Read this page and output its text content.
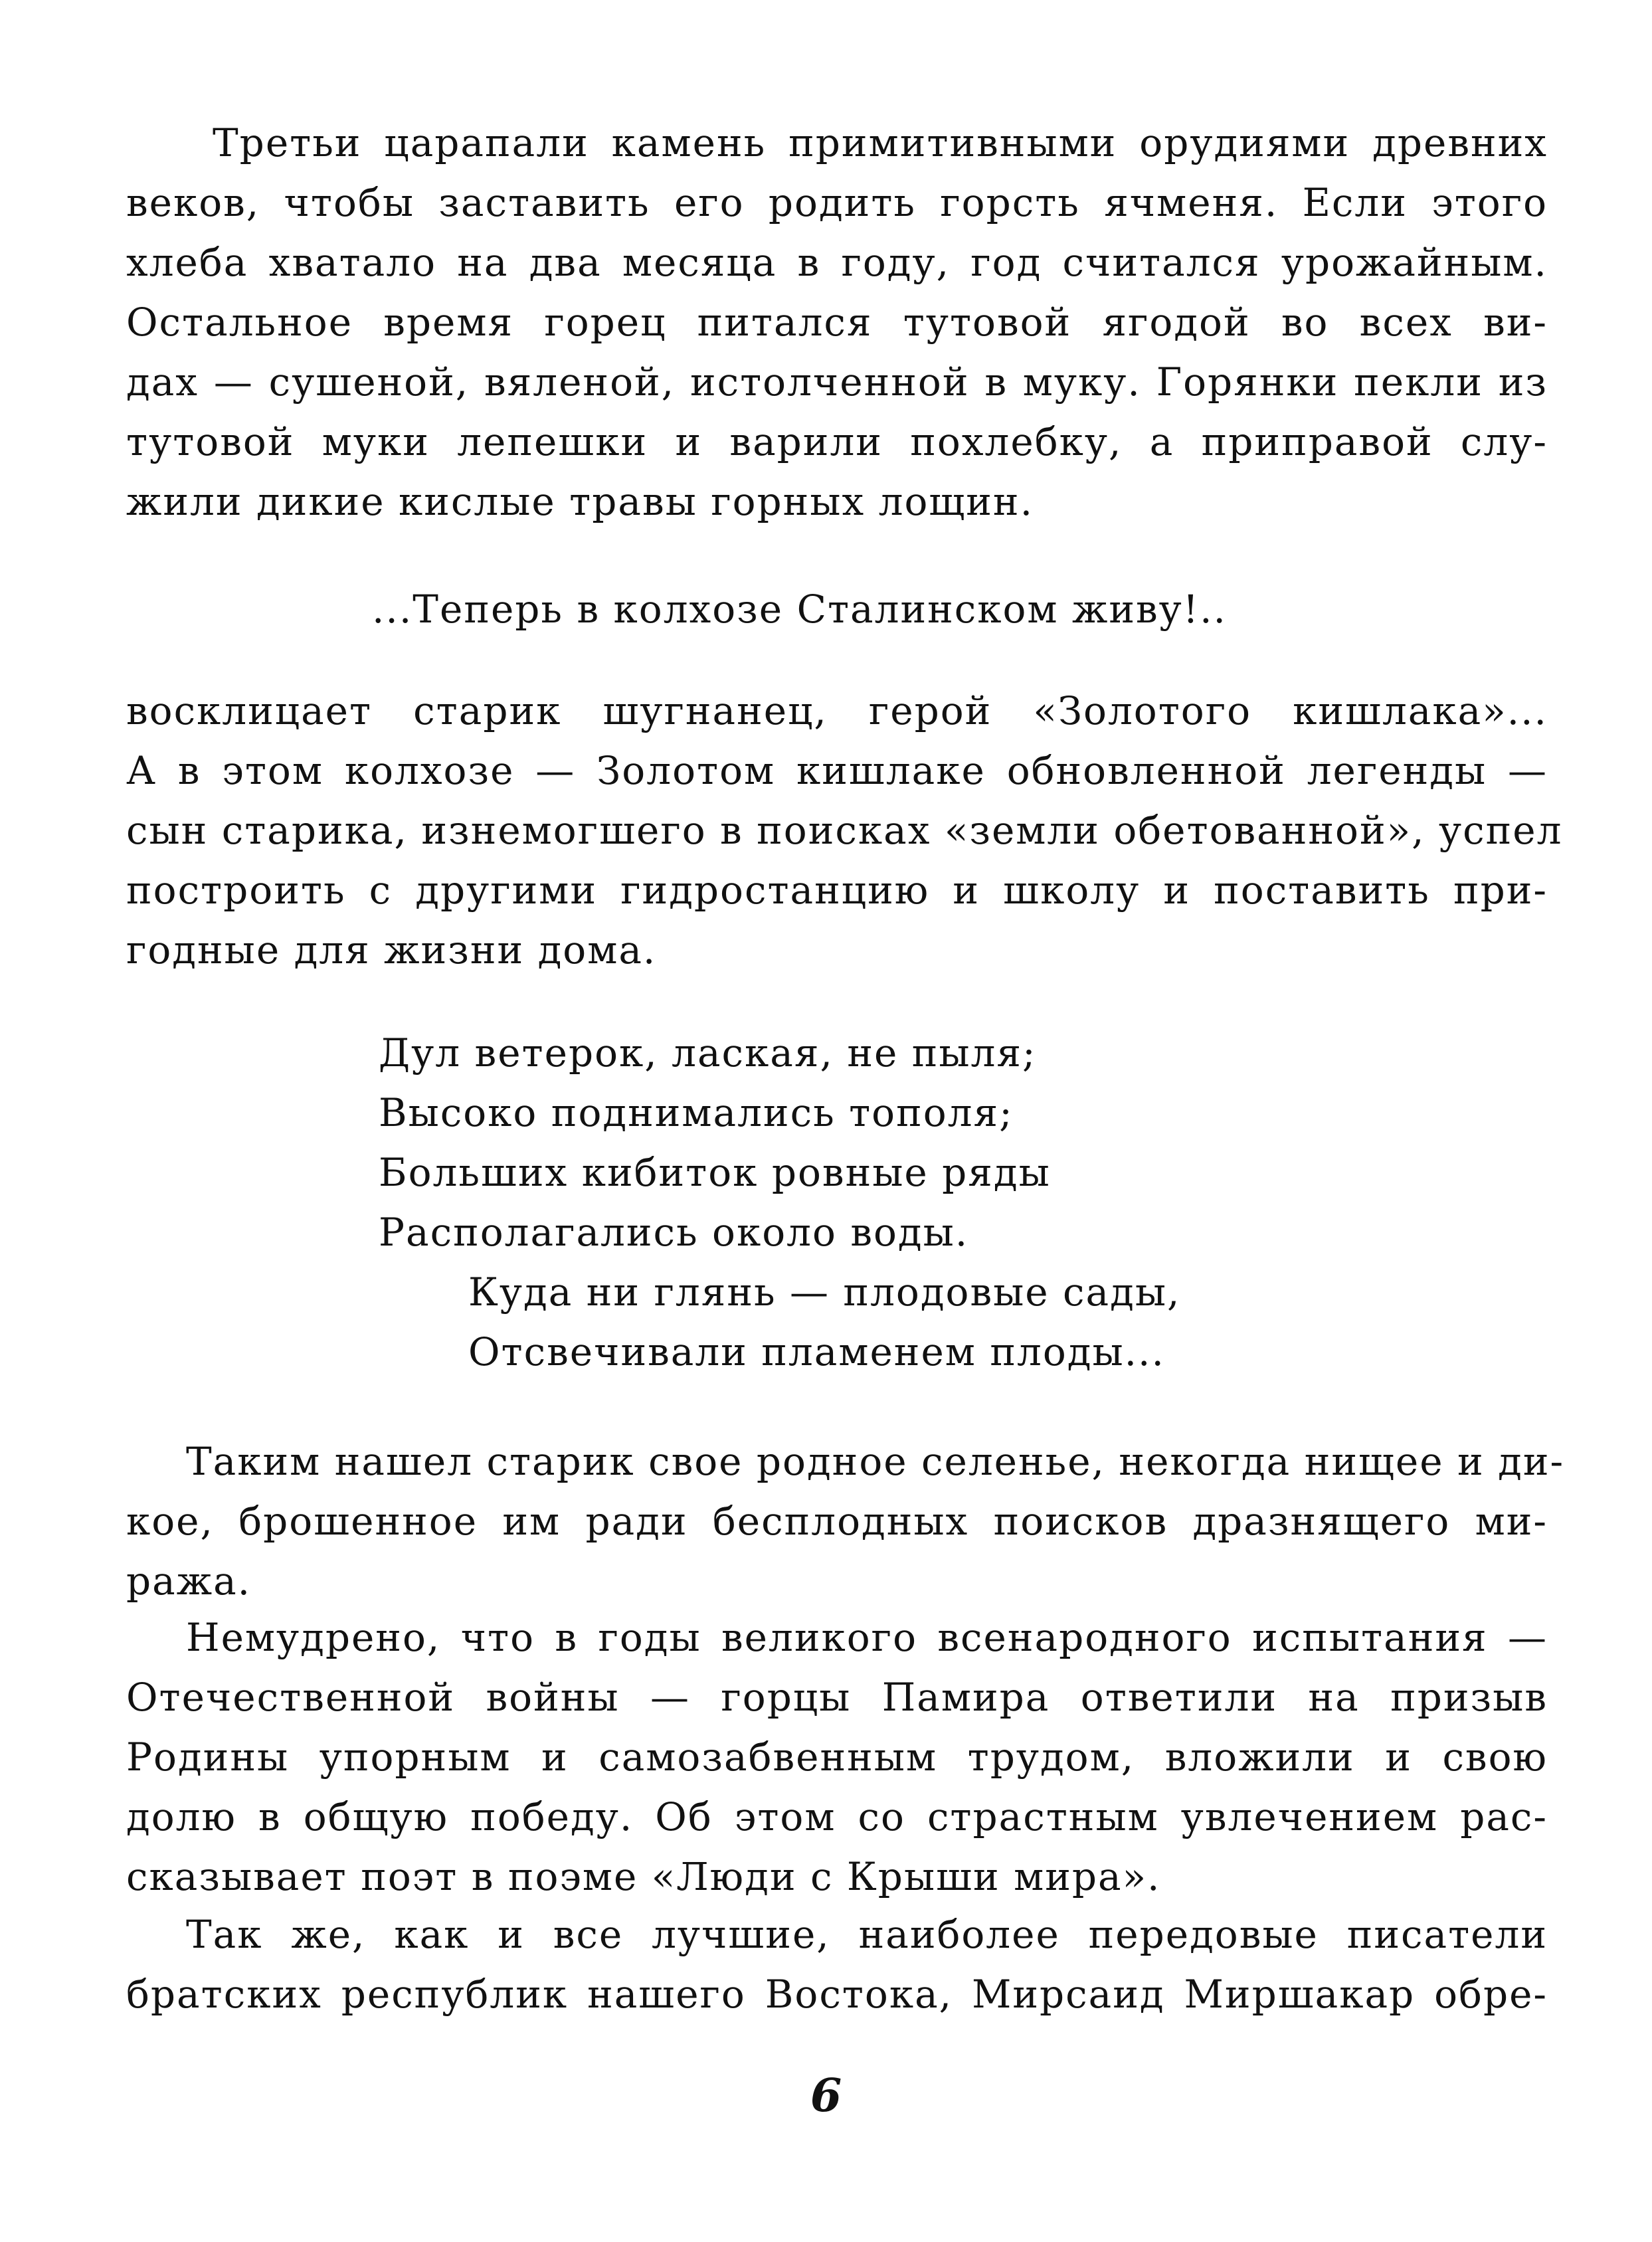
Третьи царапали камень примитивными орудиями древних
веков, чтобы заставить его родить горсть ячменя. Если этого
хлеба хватало на два месяца в году, год считался урожайным.
Остальное время горец питался тутовой ягодой во всех ви-
дах — сушеной, вяленой, истолченной в муку. Горянки пекли из
тутовой муки лепешки и варили похлебку, а приправой слу-
жили дикие кислые травы горных лощин.
...Теперь в колхозе Сталинском живу!..
восклицает старик шугнанец, герой «Золотого кишлака»...
А в этом колхозе — Золотом кишлаке обновленной легенды —
сын старика, изнемогшего в поисках «земли обетованной», успел
построить с другими гидростанцию и школу и поставить при-
годные для жизни дома.
Дул ветерок, лаская, не пыля;
Высоко поднимались тополя;
Больших кибиток ровные ряды
Располагались около воды.
Куда ни глянь — плодовые сады,
Отсвечивали пламенем плоды...
Таким нашел старик свое родное селенье, некогда нищее и ди-
кое, брошенное им ради бесплодных поисков дразнящего ми-
ража.
Немудрено, что в годы великого всенародного испытания —
Отечественной войны — горцы Памира ответили на призыв
Родины упорным и самозабвенным трудом, вложили и свою
долю в общую победу. Об этом со страстным увлечением рас-
сказывает поэт в поэме «Люди с Крыши мира».
Так же, как и все лучшие, наиболее передовые писатели
братских республик нашего Востока, Мирсаид Миршакар обре-
6
